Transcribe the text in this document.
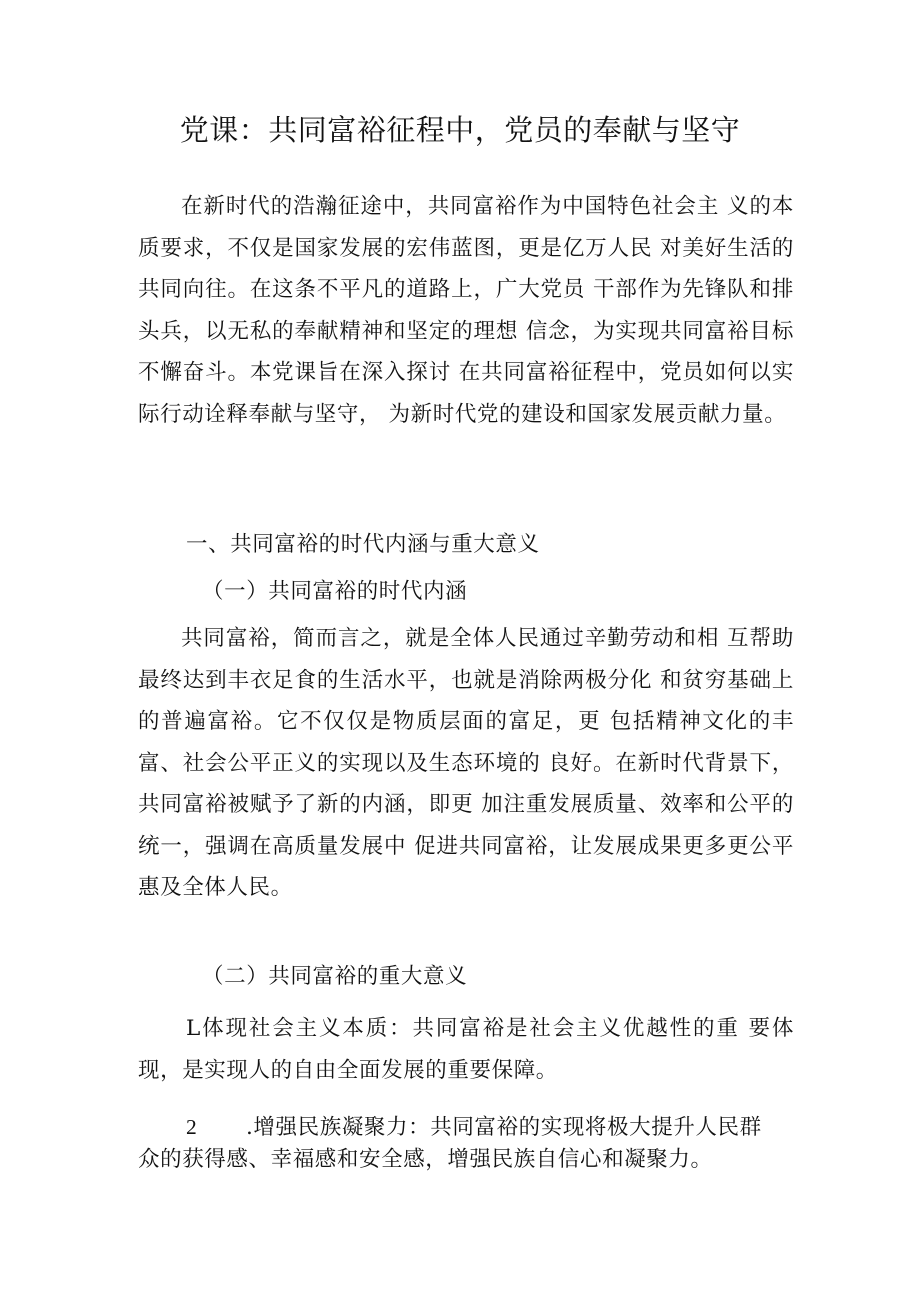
党课：共同富裕征程中，党员的奉献与坚守

在新时代的浩瀚征途中，共同富裕作为中国特色社会主 义的本质要求，不仅是国家发展的宏伟蓝图，更是亿万人民 对美好生活的共同向往。在这条不平凡的道路上，广大党员 干部作为先锋队和排头兵，以无私的奉献精神和坚定的理想 信念，为实现共同富裕目标不懈奋斗。本党课旨在深入探讨 在共同富裕征程中，党员如何以实际行动诠释奉献与坚守， 为新时代党的建设和国家发展贡献力量。

一、共同富裕的时代内涵与重大意义
（一）共同富裕的时代内涵

共同富裕，简而言之，就是全体人民通过辛勤劳动和相 互帮助最终达到丰衣足食的生活水平，也就是消除两极分化 和贫穷基础上的普遍富裕。它不仅仅是物质层面的富足，更 包括精神文化的丰富、社会公平正义的实现以及生态环境的 良好。在新时代背景下，共同富裕被赋予了新的内涵，即更 加注重发展质量、效率和公平的统一，强调在高质量发展中 促进共同富裕，让发展成果更多更公平惠及全体人民。

（二）共同富裕的重大意义

L体现社会主义本质：共同富裕是社会主义优越性的重 要体现，是实现人的自由全面发展的重要保障。

2 .增强民族凝聚力：共同富裕的实现将极大提升人民群

众的获得感、幸福感和安全感，增强民族自信心和凝聚力。
